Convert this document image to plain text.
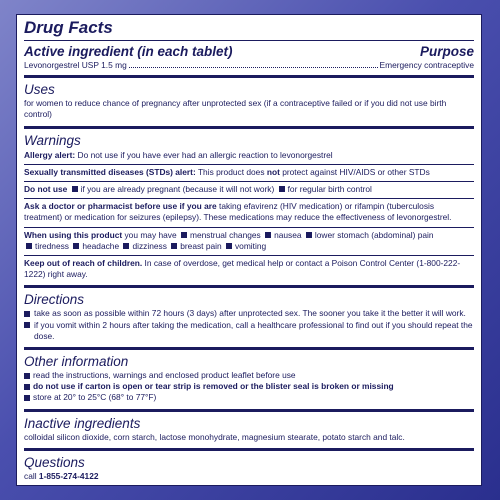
Drug Facts
Active ingredient (in each tablet)	Purpose
Levonorgestrel USP 1.5 mg	Emergency contraceptive
Uses
for women to reduce chance of pregnancy after unprotected sex (if a contraceptive failed or if you did not use birth control)
Warnings
Allergy alert: Do not use if you have ever had an allergic reaction to levonorgestrel
Sexually transmitted diseases (STDs) alert: This product does not protect against HIV/AIDS or other STDs
Do not use if you are already pregnant (because it will not work) for regular birth control
Ask a doctor or pharmacist before use if you are taking efavirenz (HIV medication) or rifampin (tuberculosis treatment) or medication for seizures (epilepsy). These medications may reduce the effectiveness of levonorgestrel.
When using this product you may have menstrual changes nausea lower stomach (abdominal) pain
tiredness headache dizziness breast pain vomiting
Keep out of reach of children. In case of overdose, get medical help or contact a Poison Control Center (1-800-222-1222) right away.
Directions
take as soon as possible within 72 hours (3 days) after unprotected sex. The sooner you take it the better it will work.
if you vomit within 2 hours after taking the medication, call a healthcare professional to find out if you should repeat the dose.
Other information
read the instructions, warnings and enclosed product leaflet before use
do not use if carton is open or tear strip is removed or the blister seal is broken or missing
store at 20° to 25°C (68° to 77°F)
Inactive ingredients
colloidal silicon dioxide, corn starch, lactose monohydrate, magnesium stearate, potato starch and talc.
Questions
call 1-855-274-4122
